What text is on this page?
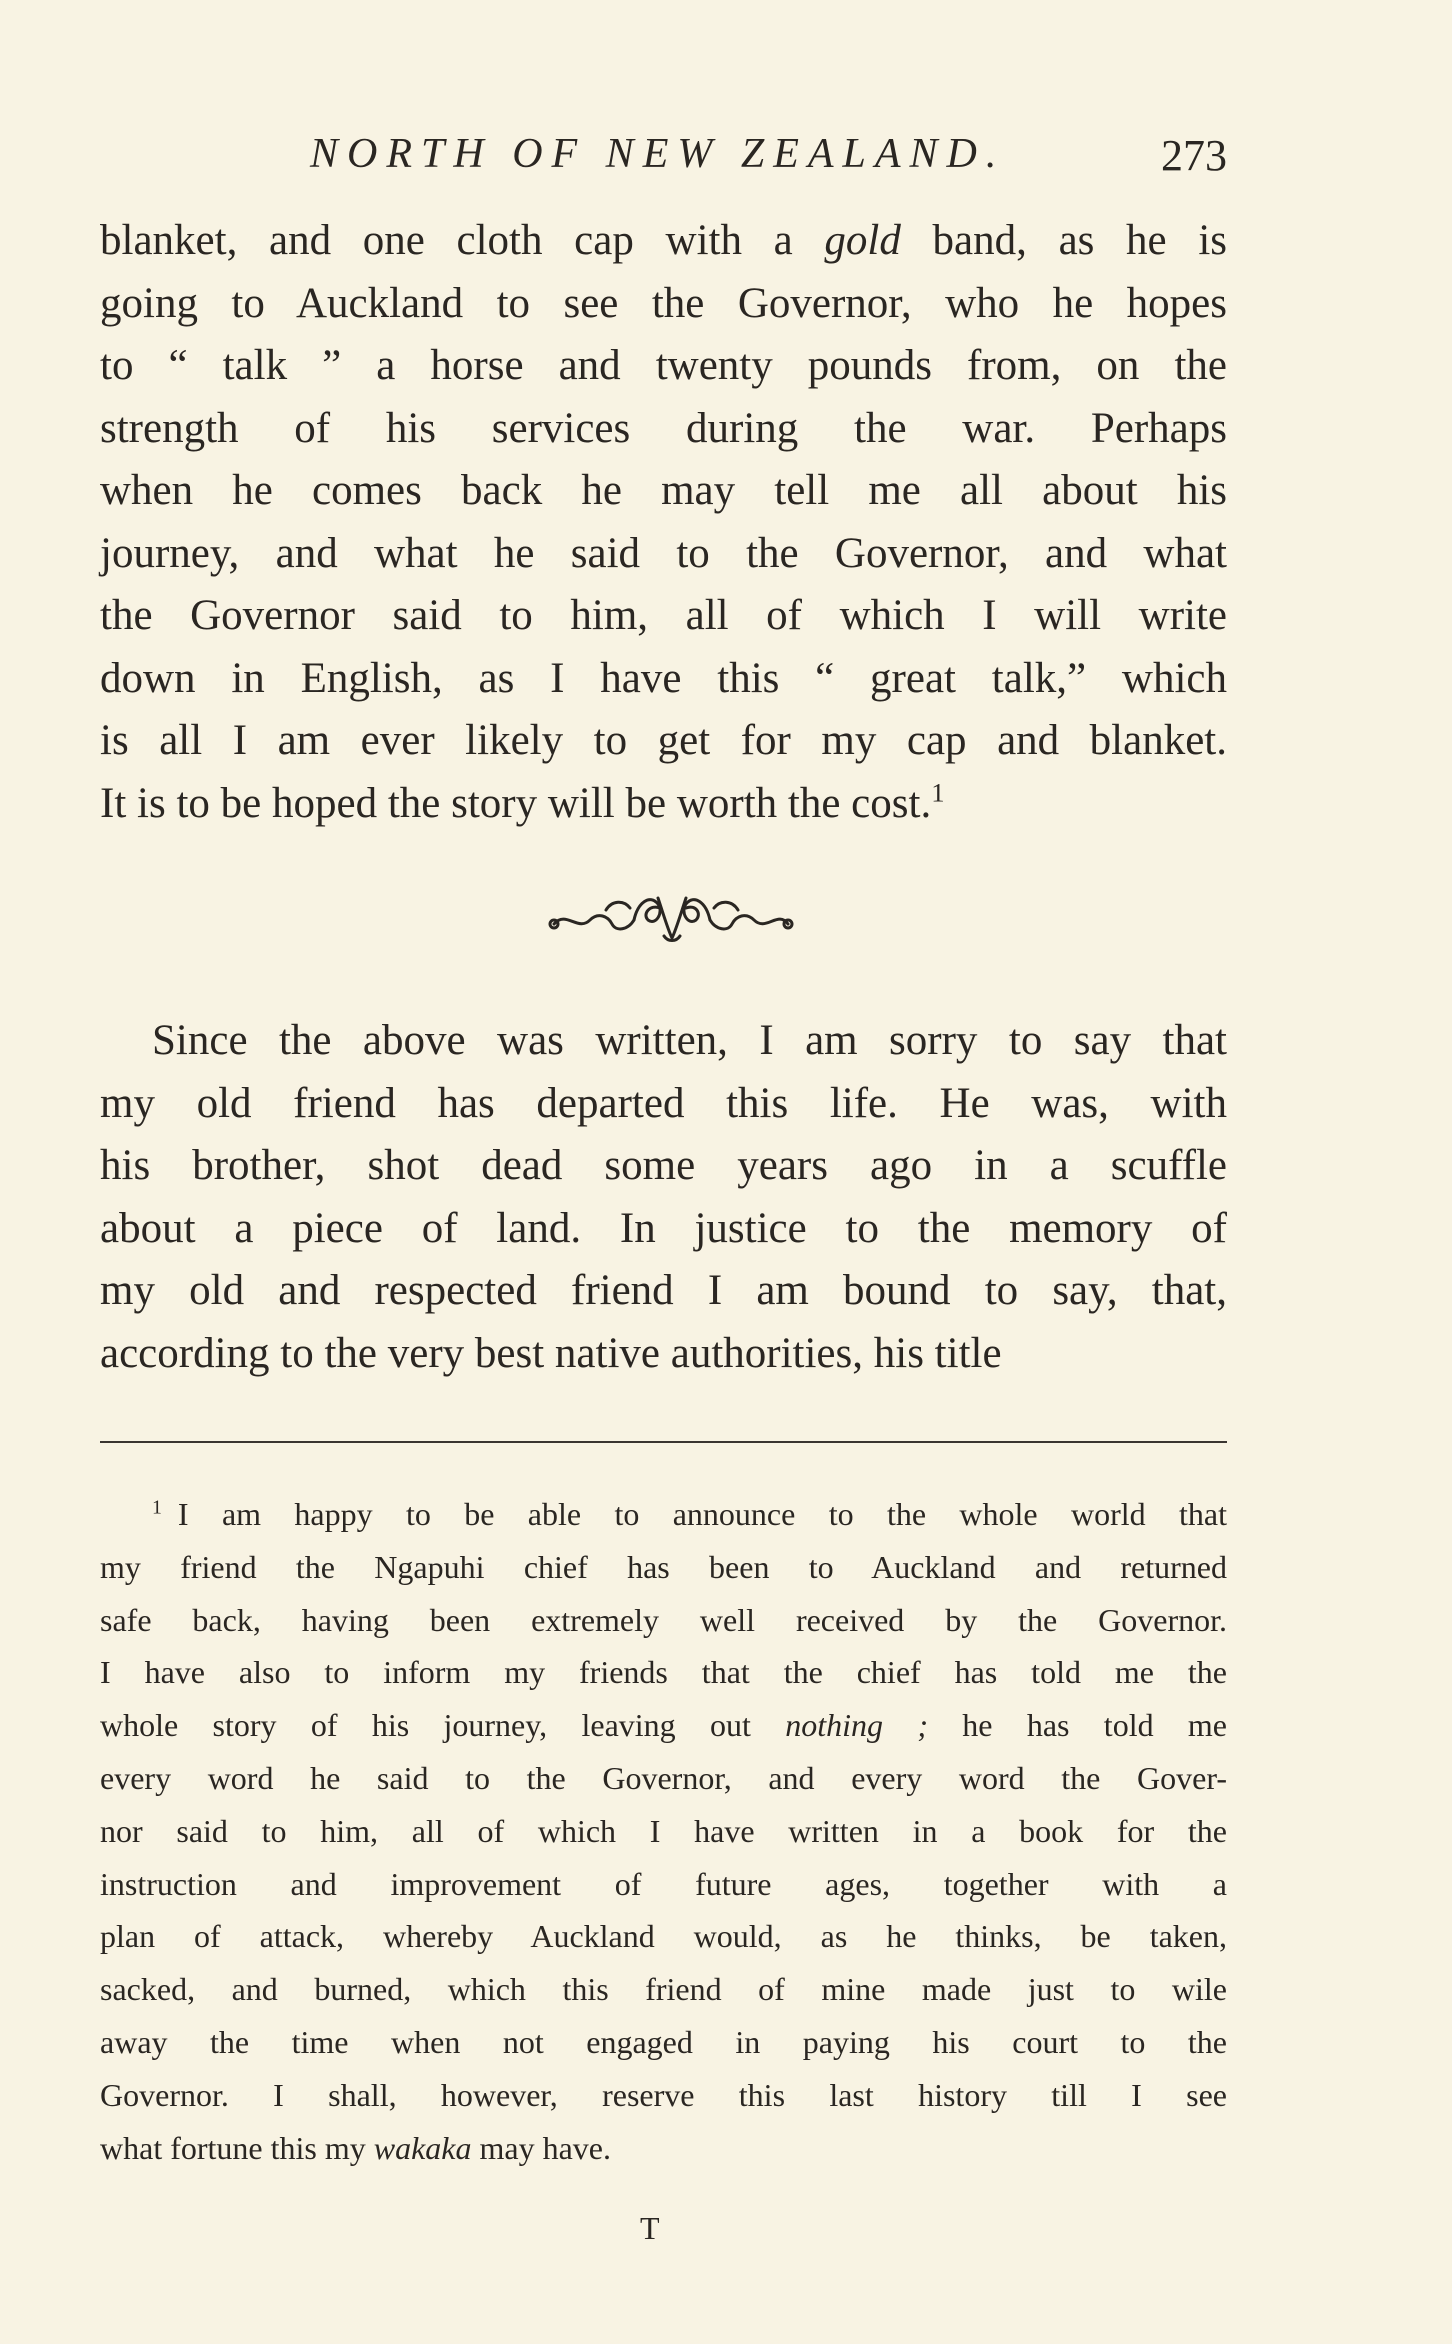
NORTH OF NEW ZEALAND.	273
blanket, and one cloth cap with a gold band, as he is
going to Auckland to see the Governor, who he hopes
to “ talk ” a horse and twenty pounds from, on the
strength of his services during the war. Perhaps
when he comes back he may tell me all about his
journey, and what he said to the Governor, and what
the Governor said to him, all of which I will write
down in English, as I have this “ great talk,” which
is all I am ever likely to get for my cap and blanket.
It is to be hoped the story will be worth the cost.$^1$
Since the above was written, I am sorry to say that
my old friend has departed this life. He was, with
his brother, shot dead some years ago in a scuffle
about a piece of land. In justice to the memory of
my old and respected friend I am bound to say, that,
according to the very best native authorities, his title
$^1$  I am happy to be able to announce to the whole world that
my friend the Ngapuhi chief has been to Auckland and returned
safe back, having been extremely well received by the Governor.
I have also to inform my friends that the chief has told me the
whole story of his journey, leaving out nothing ; he has told me
every word he said to the Governor, and every word the Gover-
nor said to him, all of which I have written in a book for the
instruction and improvement of future ages, together with a
plan of attack, whereby Auckland would, as he thinks, be taken,
sacked, and burned, which this friend of mine made just to wile
away the time when not engaged in paying his court to the
Governor. I shall, however, reserve this last history till I see
what fortune this my wakaka may have.
T
